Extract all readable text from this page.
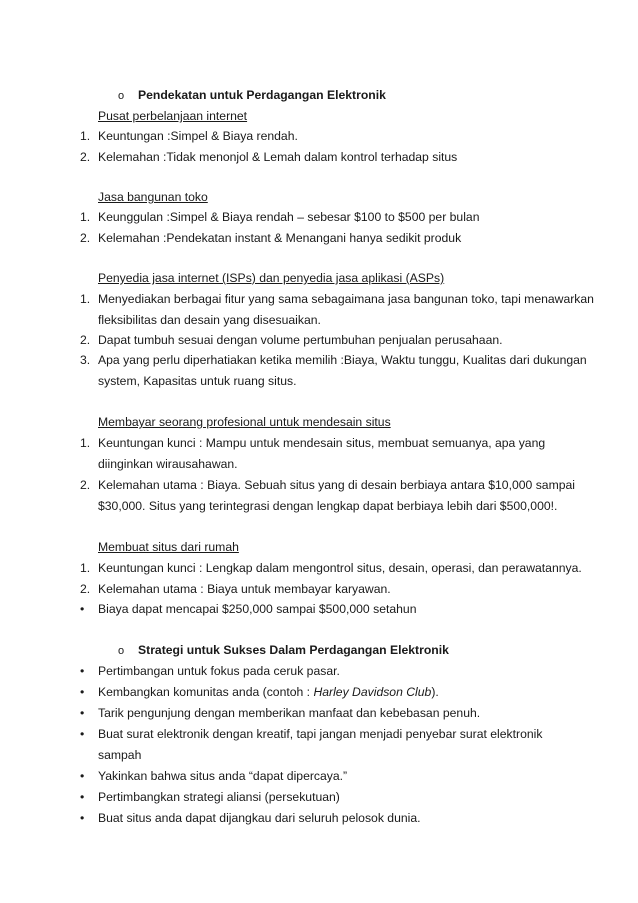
o Pendekatan untuk Perdagangan Elektronik
Pusat perbelanjaan internet
1. Keuntungan :Simpel & Biaya rendah.
2. Kelemahan :Tidak menonjol & Lemah dalam kontrol terhadap situs
Jasa bangunan toko
1. Keunggulan :Simpel & Biaya rendah – sebesar $100 to $500 per bulan
2. Kelemahan :Pendekatan instant & Menangani hanya sedikit produk
Penyedia jasa internet (ISPs) dan penyedia jasa aplikasi (ASPs)
1. Menyediakan berbagai fitur yang sama sebagaimana jasa bangunan toko, tapi menawarkan
fleksibilitas dan desain yang disesuaikan.
2. Dapat tumbuh sesuai dengan volume pertumbuhan penjualan perusahaan.
3. Apa yang perlu diperhatiakan ketika memilih :Biaya, Waktu tunggu, Kualitas dari dukungan
system, Kapasitas untuk ruang situs.
Membayar seorang profesional untuk mendesain situs
1. Keuntungan kunci : Mampu untuk mendesain situs, membuat semuanya, apa yang
diinginkan wirausahawan.
2. Kelemahan utama : Biaya. Sebuah situs yang di desain berbiaya antara $10,000 sampai
$30,000. Situs yang terintegrasi dengan lengkap dapat berbiaya lebih dari $500,000!.
Membuat situs dari rumah
1. Keuntungan kunci : Lengkap dalam mengontrol situs, desain, operasi, dan perawatannya.
2. Kelemahan utama : Biaya untuk membayar karyawan.
• Biaya dapat mencapai $250,000 sampai $500,000 setahun
o Strategi untuk Sukses Dalam Perdagangan Elektronik
• Pertimbangan untuk fokus pada ceruk pasar.
• Kembangkan komunitas anda (contoh : Harley Davidson Club).
• Tarik pengunjung dengan memberikan manfaat dan kebebasan penuh.
• Buat surat elektronik dengan kreatif, tapi jangan menjadi penyebar surat elektronik
sampah
• Yakinkan bahwa situs anda “dapat dipercaya.”
• Pertimbangkan strategi aliansi (persekutuan)
• Buat situs anda dapat dijangkau dari seluruh pelosok dunia.
